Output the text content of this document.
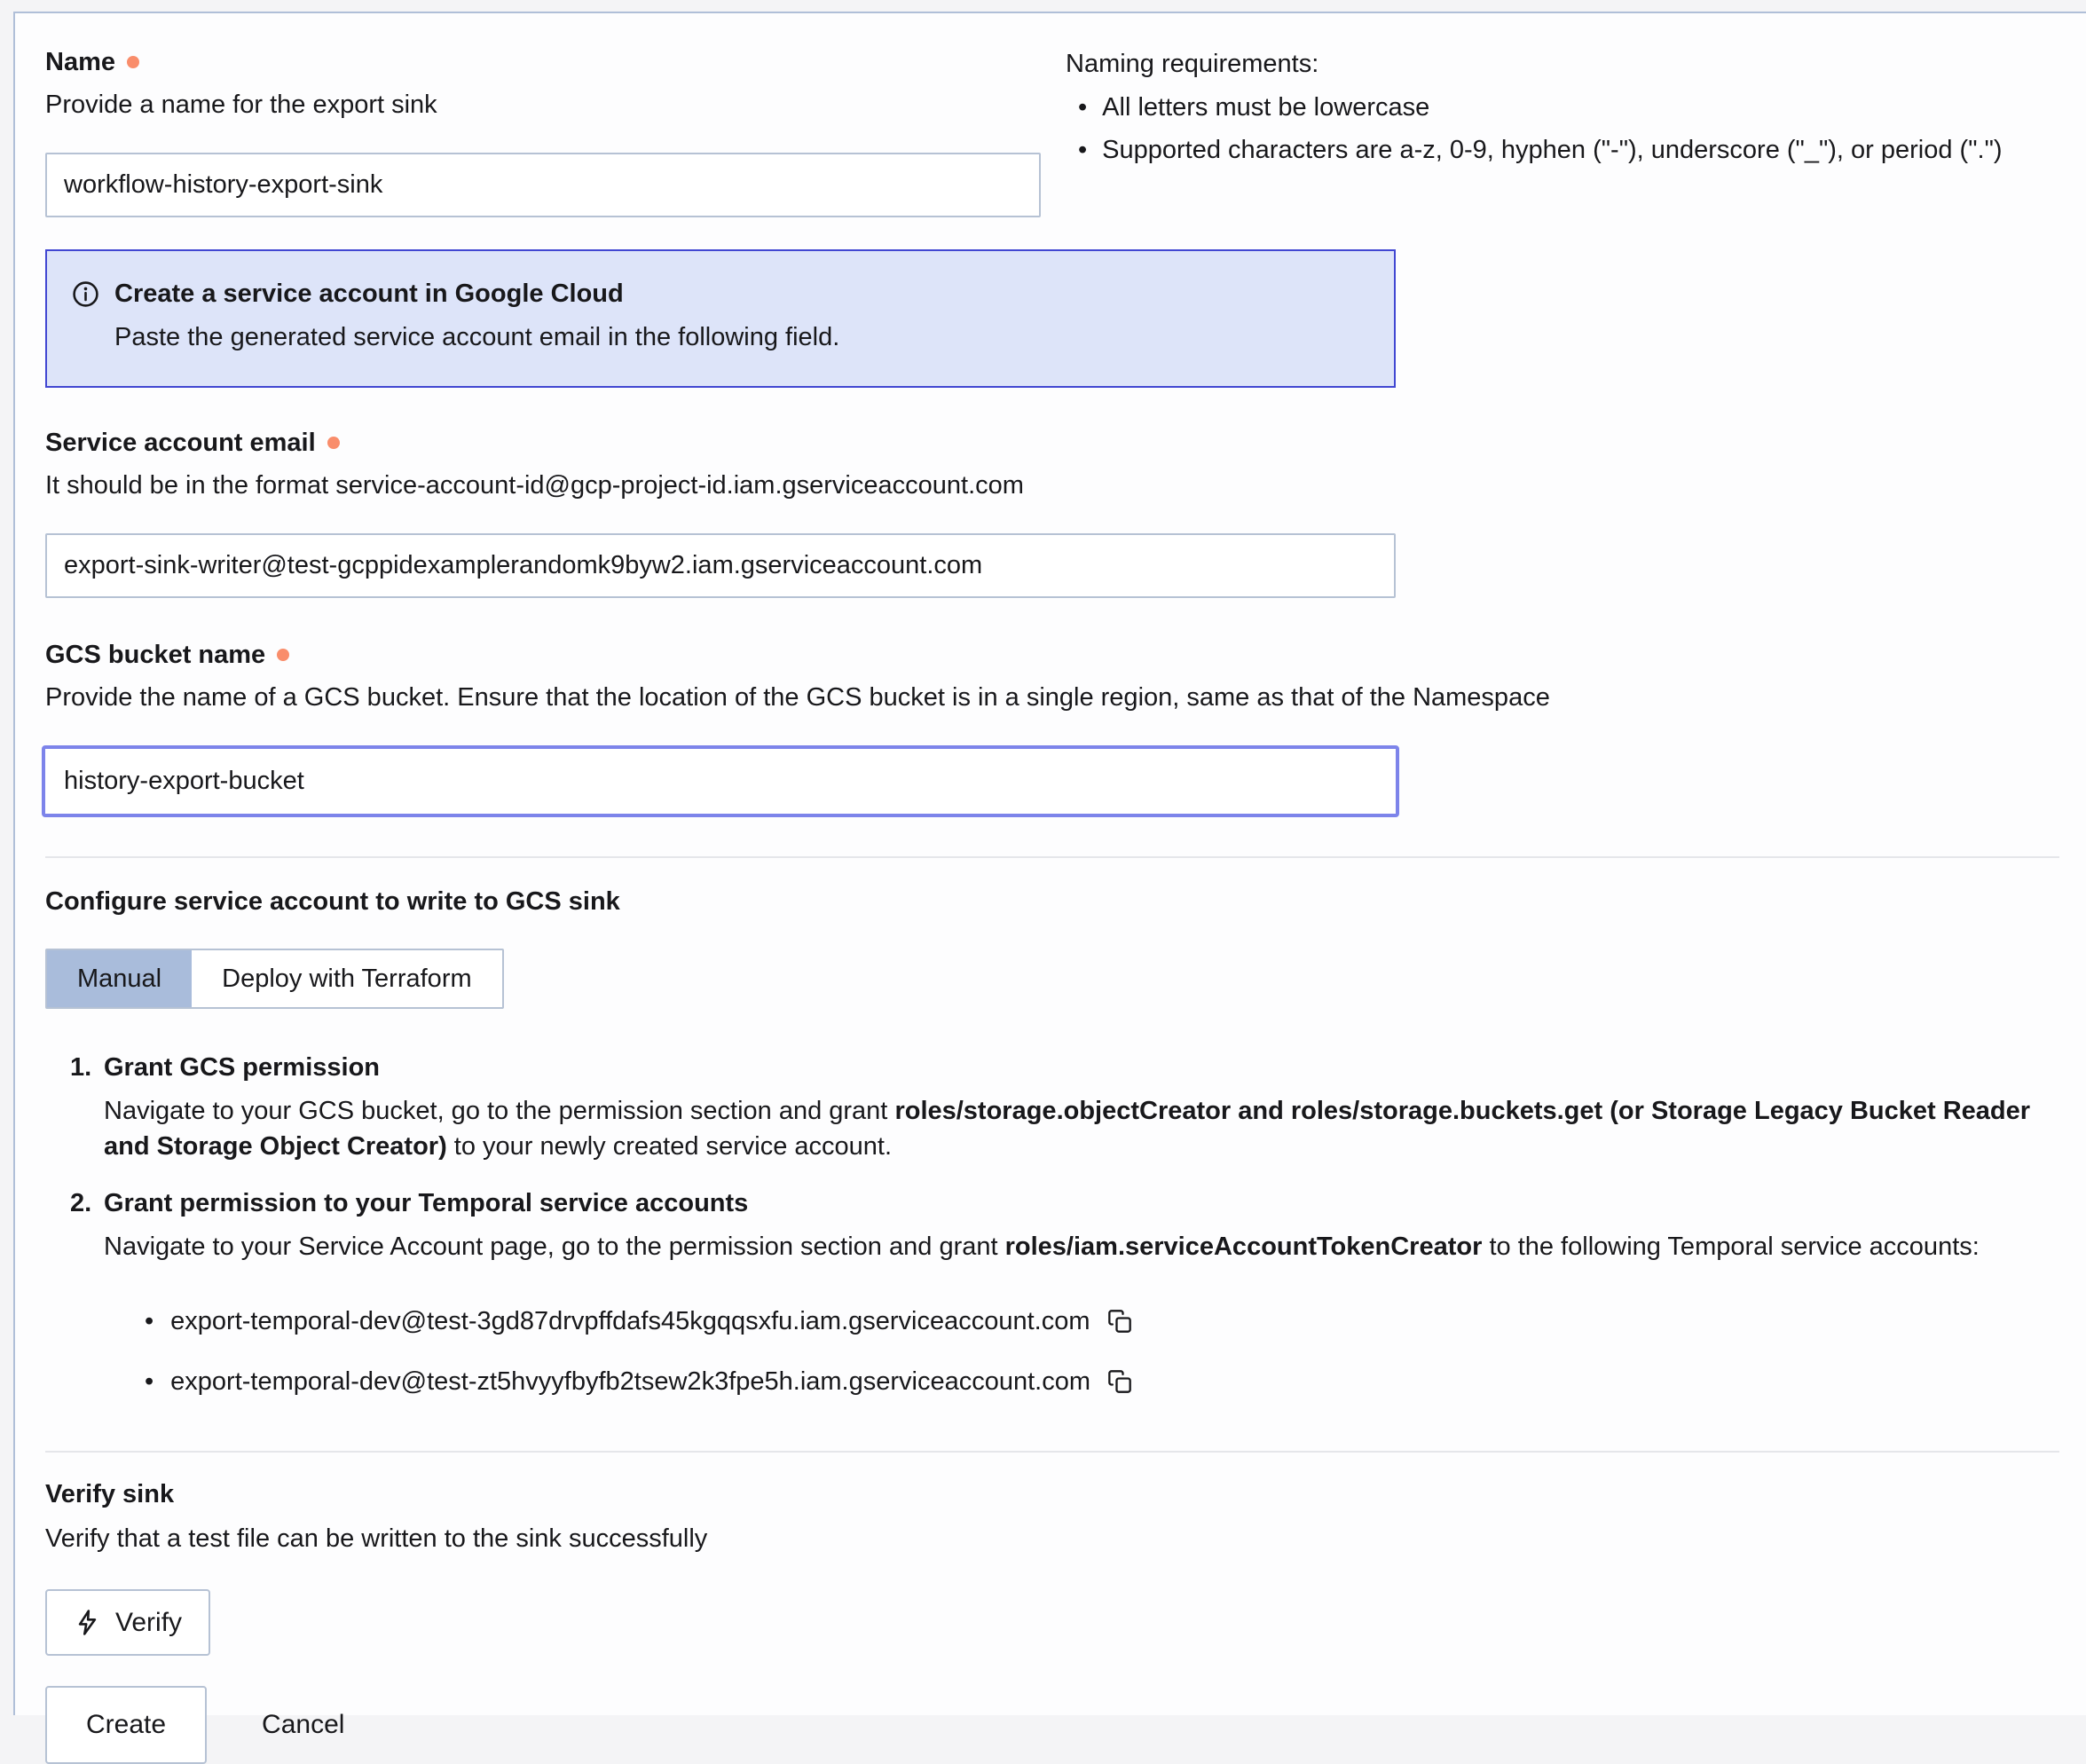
Name
Provide a name for the export sink
workflow-history-export-sink
Naming requirements:
• All letters must be lowercase
• Supported characters are a-z, 0-9, hyphen ("-"), underscore ("_"), or period (".")
Create a service account in Google Cloud
Paste the generated service account email in the following field.
Service account email
It should be in the format service-account-id@gcp-project-id.iam.gserviceaccount.com
export-sink-writer@test-gcppidexamplerandomk9byw2.iam.gserviceaccount.com
GCS bucket name
Provide the name of a GCS bucket. Ensure that the location of the GCS bucket is in a single region, same as that of the Namespace
history-export-bucket
Configure service account to write to GCS sink
Manual	Deploy with Terraform
1. Grant GCS permission

Navigate to your GCS bucket, go to the permission section and grant roles/storage.objectCreator and roles/storage.buckets.get (or Storage Legacy Bucket Reader and Storage Object Creator) to your newly created service account.

2. Grant permission to your Temporal service accounts

Navigate to your Service Account page, go to the permission section and grant roles/iam.serviceAccountTokenCreator to the following Temporal service accounts:

• export-temporal-dev@test-3gd87drvpffdafs45kgqqsxfu.iam.gserviceaccount.com
• export-temporal-dev@test-zt5hvyyfbyfb2tsew2k3fpe5h.iam.gserviceaccount.com
Verify sink
Verify that a test file can be written to the sink successfully
Verify
Create	Cancel
